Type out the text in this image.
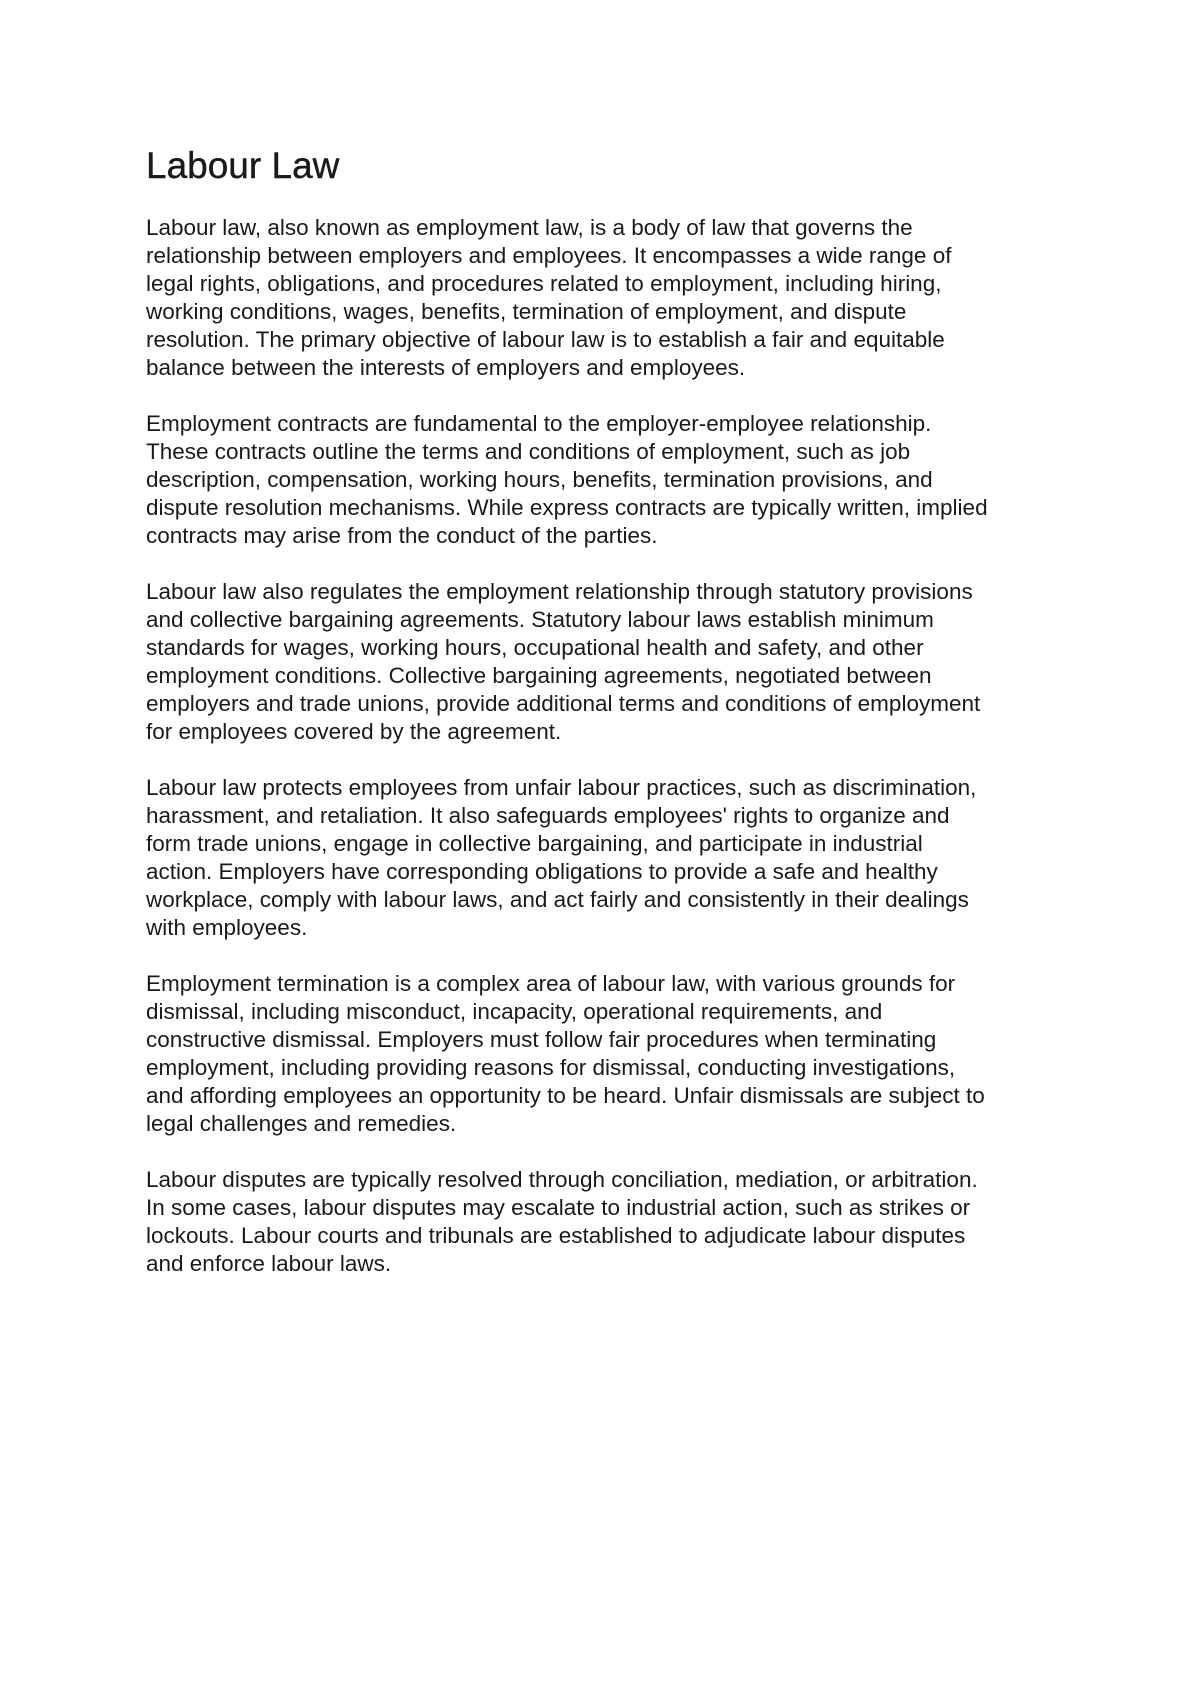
Labour Law

Labour law, also known as employment law, is a body of law that governs the
relationship between employers and employees. It encompasses a wide range of
legal rights, obligations, and procedures related to employment, including hiring,
working conditions, wages, benefits, termination of employment, and dispute
resolution. The primary objective of labour law is to establish a fair and equitable
balance between the interests of employers and employees.

Employment contracts are fundamental to the employer-employee relationship.
These contracts outline the terms and conditions of employment, such as job
description, compensation, working hours, benefits, termination provisions, and
dispute resolution mechanisms. While express contracts are typically written, implied
contracts may arise from the conduct of the parties.

Labour law also regulates the employment relationship through statutory provisions
and collective bargaining agreements. Statutory labour laws establish minimum
standards for wages, working hours, occupational health and safety, and other
employment conditions. Collective bargaining agreements, negotiated between
employers and trade unions, provide additional terms and conditions of employment
for employees covered by the agreement.

Labour law protects employees from unfair labour practices, such as discrimination,
harassment, and retaliation. It also safeguards employees' rights to organize and
form trade unions, engage in collective bargaining, and participate in industrial
action. Employers have corresponding obligations to provide a safe and healthy
workplace, comply with labour laws, and act fairly and consistently in their dealings
with employees.

Employment termination is a complex area of labour law, with various grounds for
dismissal, including misconduct, incapacity, operational requirements, and
constructive dismissal. Employers must follow fair procedures when terminating
employment, including providing reasons for dismissal, conducting investigations,
and affording employees an opportunity to be heard. Unfair dismissals are subject to
legal challenges and remedies.

Labour disputes are typically resolved through conciliation, mediation, or arbitration.
In some cases, labour disputes may escalate to industrial action, such as strikes or
lockouts. Labour courts and tribunals are established to adjudicate labour disputes
and enforce labour laws.
